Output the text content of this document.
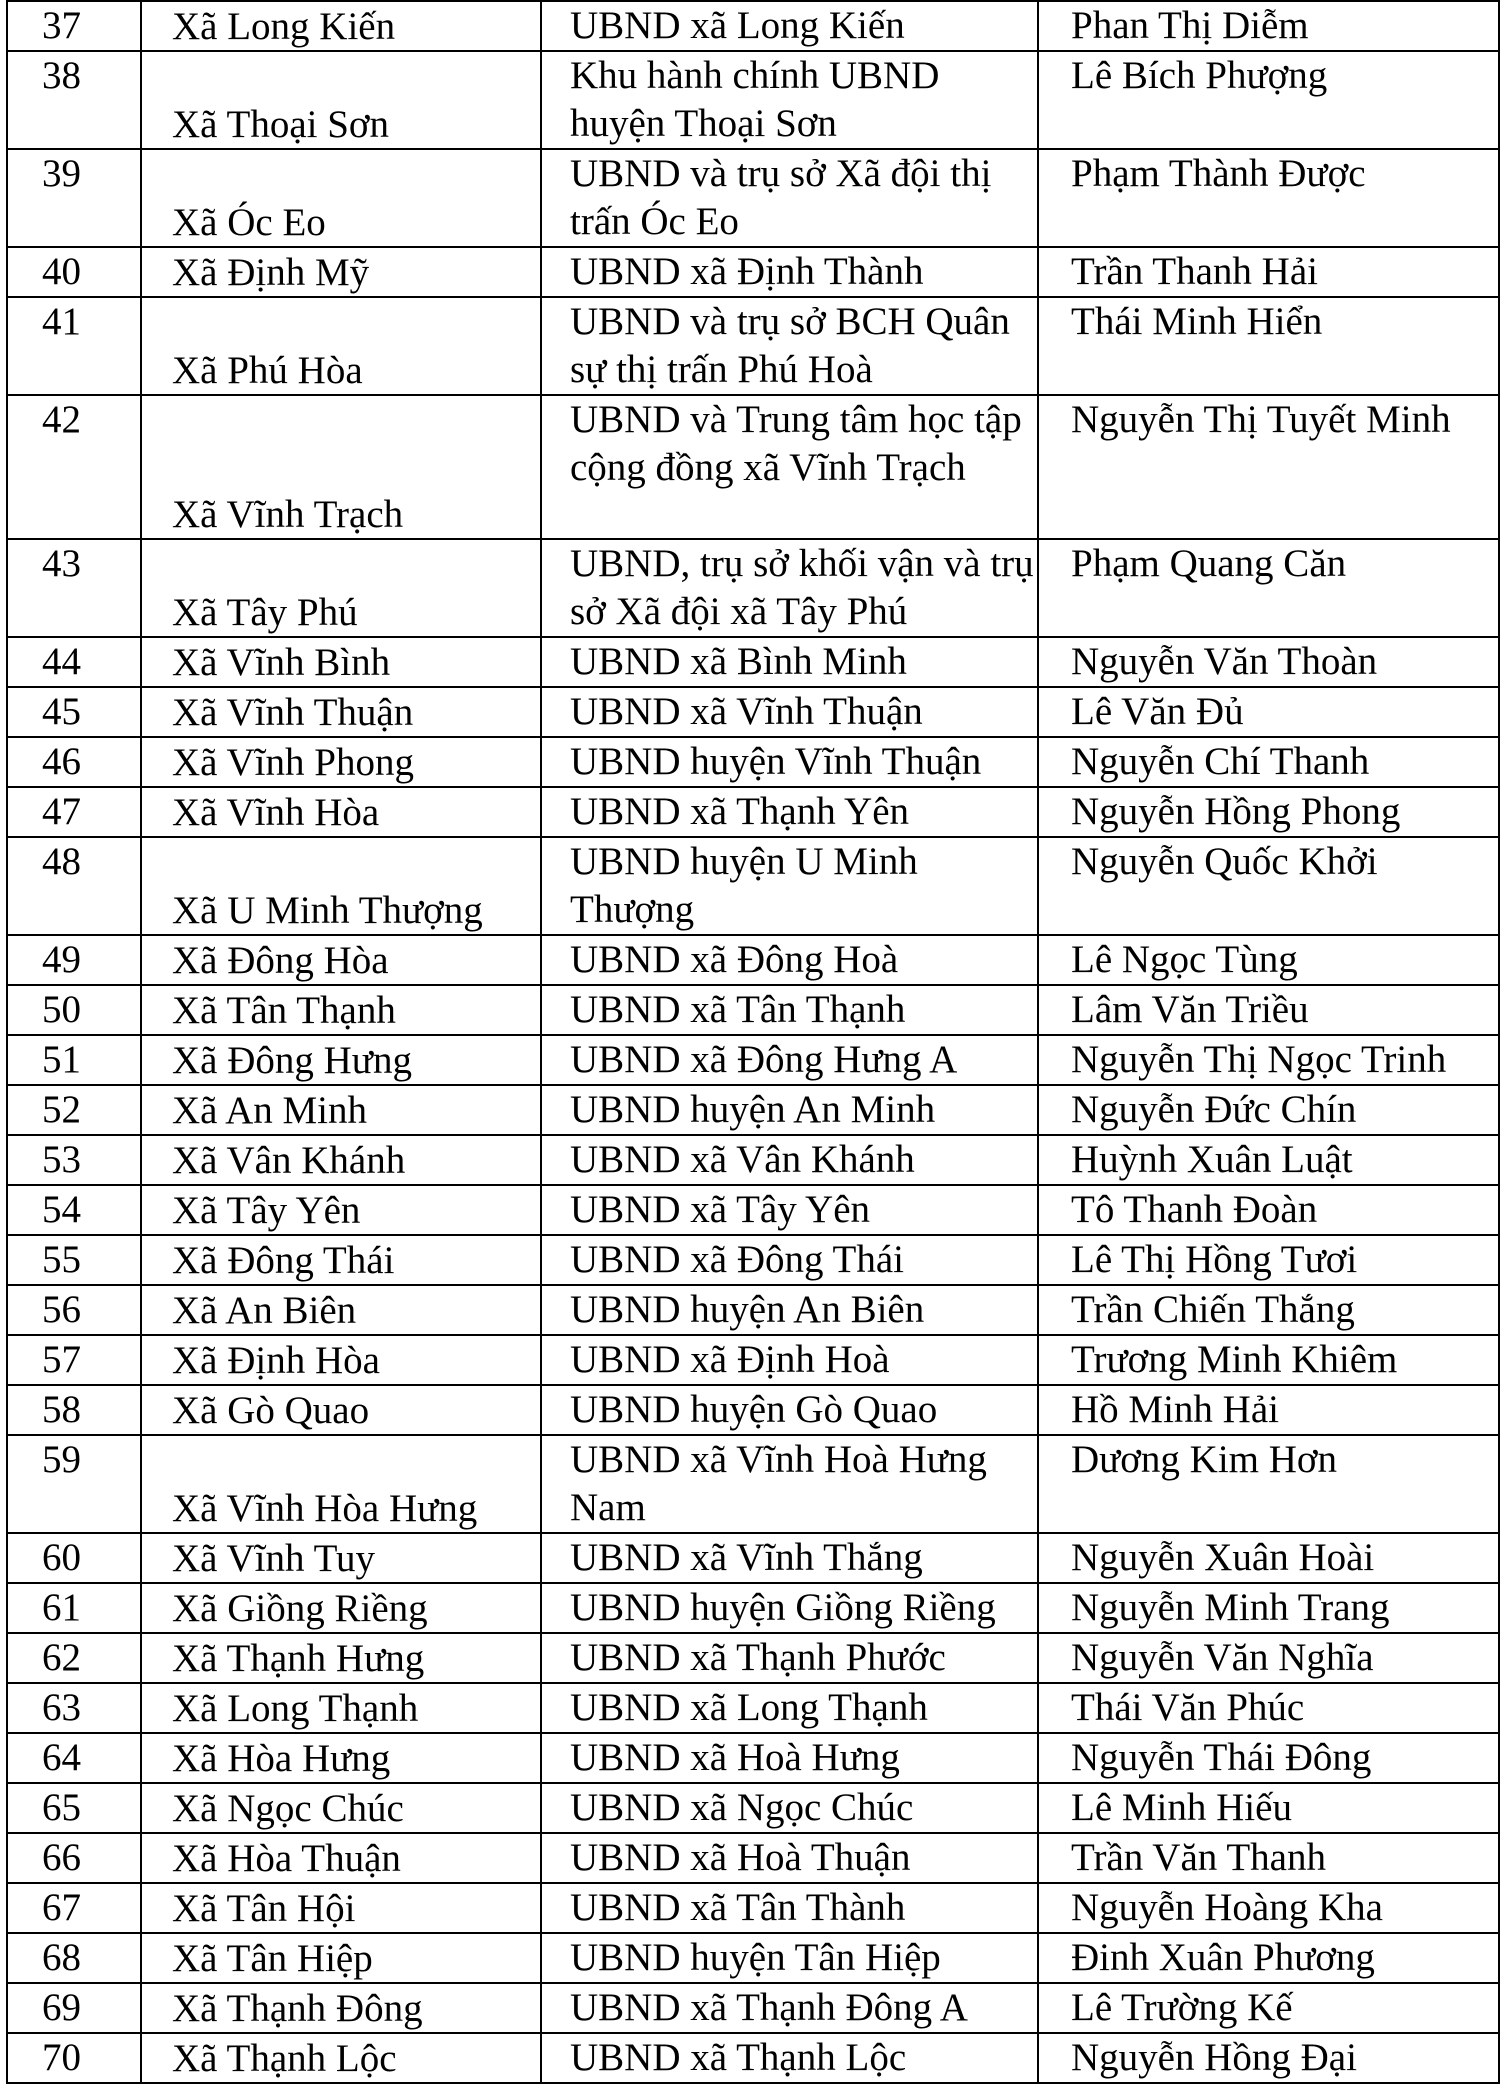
37	Xã Long Kiến	UBND xã Long Kiến	Phan Thị Diễm
38	Xã Thoại Sơn	Khu hành chính UBND huyện Thoại Sơn	Lê Bích Phượng
39	Xã Óc Eo	UBND và trụ sở Xã đội thị trấn Óc Eo	Phạm Thành Được
40	Xã Định Mỹ	UBND xã Định Thành	Trần Thanh Hải
41	Xã Phú Hòa	UBND và trụ sở BCH Quân sự thị trấn Phú Hoà	Thái Minh Hiển
42	Xã Vĩnh Trạch	UBND và Trung tâm học tập cộng đồng xã Vĩnh Trạch	Nguyễn Thị Tuyết Minh
43	Xã Tây Phú	UBND, trụ sở khối vận và trụ sở Xã đội xã Tây Phú	Phạm Quang Căn
44	Xã Vĩnh Bình	UBND xã Bình Minh	Nguyễn Văn Thoàn
45	Xã Vĩnh Thuận	UBND xã Vĩnh Thuận	Lê Văn Đủ
46	Xã Vĩnh Phong	UBND huyện Vĩnh Thuận	Nguyễn Chí Thanh
47	Xã Vĩnh Hòa	UBND xã Thạnh Yên	Nguyễn Hồng Phong
48	Xã U Minh Thượng	UBND huyện U Minh Thượng	Nguyễn Quốc Khởi
49	Xã Đông Hòa	UBND xã Đông Hoà	Lê Ngọc Tùng
50	Xã Tân Thạnh	UBND xã Tân Thạnh	Lâm Văn Triều
51	Xã Đông Hưng	UBND xã Đông Hưng A	Nguyễn Thị Ngọc Trinh
52	Xã An Minh	UBND huyện An Minh	Nguyễn Đức Chín
53	Xã Vân Khánh	UBND xã Vân Khánh	Huỳnh Xuân Luật
54	Xã Tây Yên	UBND xã Tây Yên	Tô Thanh Đoàn
55	Xã Đông Thái	UBND xã Đông Thái	Lê Thị Hồng Tươi
56	Xã An Biên	UBND huyện An Biên	Trần Chiến Thắng
57	Xã Định Hòa	UBND xã Định Hoà	Trương Minh Khiêm
58	Xã Gò Quao	UBND huyện Gò Quao	Hồ Minh Hải
59	Xã Vĩnh Hòa Hưng	UBND xã Vĩnh Hoà Hưng Nam	Dương Kim Hơn
60	Xã Vĩnh Tuy	UBND xã Vĩnh Thắng	Nguyễn Xuân Hoài
61	Xã Giồng Riềng	UBND huyện Giồng Riềng	Nguyễn Minh Trang
62	Xã Thạnh Hưng	UBND xã Thạnh Phước	Nguyễn Văn Nghĩa
63	Xã Long Thạnh	UBND xã Long Thạnh	Thái Văn Phúc
64	Xã Hòa Hưng	UBND xã Hoà Hưng	Nguyễn Thái Đông
65	Xã Ngọc Chúc	UBND xã Ngọc Chúc	Lê Minh Hiếu
66	Xã Hòa Thuận	UBND xã Hoà Thuận	Trần Văn Thanh
67	Xã Tân Hội	UBND xã Tân Thành	Nguyễn Hoàng Kha
68	Xã Tân Hiệp	UBND huyện Tân Hiệp	Đinh Xuân Phương
69	Xã Thạnh Đông	UBND xã Thạnh Đông A	Lê Trường Kế
70	Xã Thạnh Lộc	UBND xã Thạnh Lộc	Nguyễn Hồng Đại
